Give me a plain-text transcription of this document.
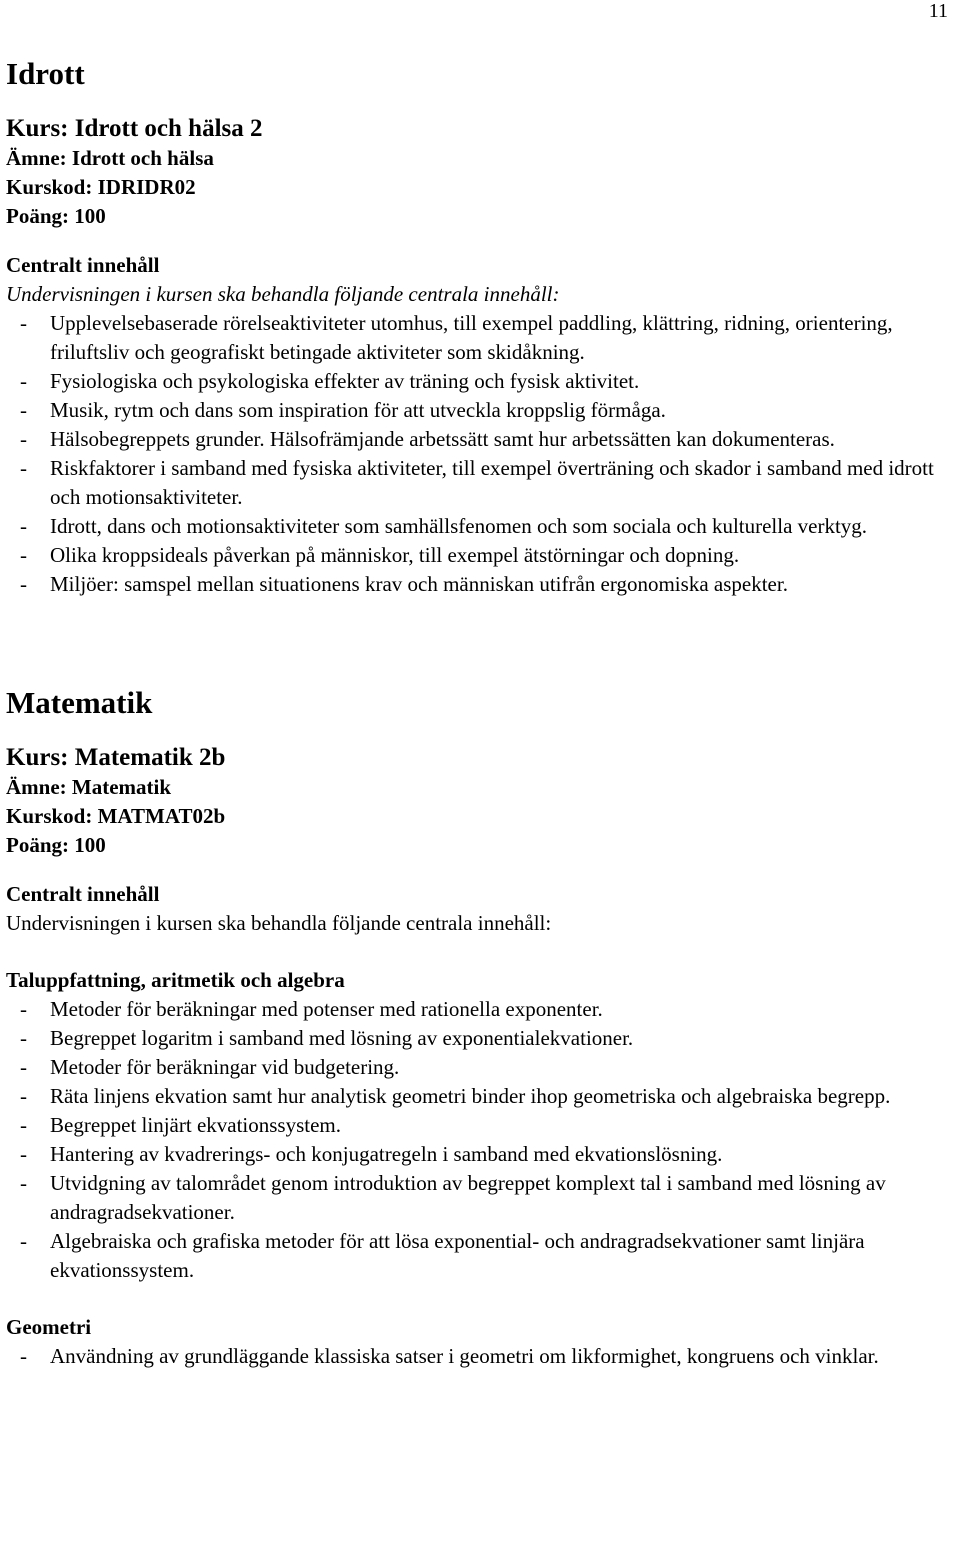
11
Idrott
Kurs: Idrott och hälsa 2
Ämne: Idrott och hälsa
Kurskod: IDRIDR02
Poäng: 100
Centralt innehåll
Undervisningen i kursen ska behandla följande centrala innehåll:
- Upplevelsebaserade rörelseaktiviteter utomhus, till exempel paddling, klättring, ridning, orientering, friluftsliv och geografiskt betingade aktiviteter som skidåkning.
- Fysiologiska och psykologiska effekter av träning och fysisk aktivitet.
- Musik, rytm och dans som inspiration för att utveckla kroppslig förmåga.
- Hälsobegreppets grunder. Hälsofrämjande arbetssätt samt hur arbetssätten kan dokumenteras.
- Riskfaktorer i samband med fysiska aktiviteter, till exempel överträning och skador i samband med idrott och motionsaktiviteter.
- Idrott, dans och motionsaktiviteter som samhällsfenomen och som sociala och kulturella verktyg.
- Olika kroppsideals påverkan på människor, till exempel ätstörningar och dopning.
- Miljöer: samspel mellan situationens krav och människan utifrån ergonomiska aspekter.
Matematik
Kurs: Matematik 2b
Ämne: Matematik
Kurskod: MATMAT02b
Poäng: 100
Centralt innehåll
Undervisningen i kursen ska behandla följande centrala innehåll:
Taluppfattning, aritmetik och algebra
- Metoder för beräkningar med potenser med rationella exponenter.
- Begreppet logaritm i samband med lösning av exponentialekvationer.
- Metoder för beräkningar vid budgetering.
- Räta linjens ekvation samt hur analytisk geometri binder ihop geometriska och algebraiska begrepp.
- Begreppet linjärt ekvationssystem.
- Hantering av kvadrerings- och konjugatregeln i samband med ekvationslösning.
- Utvidgning av talområdet genom introduktion av begreppet komplext tal i samband med lösning av andragradsekvationer.
- Algebraiska och grafiska metoder för att lösa exponential- och andragradsekvationer samt linjära ekvationssystem.
Geometri
- Användning av grundläggande klassiska satser i geometri om likformighet, kongruens och vinklar.
